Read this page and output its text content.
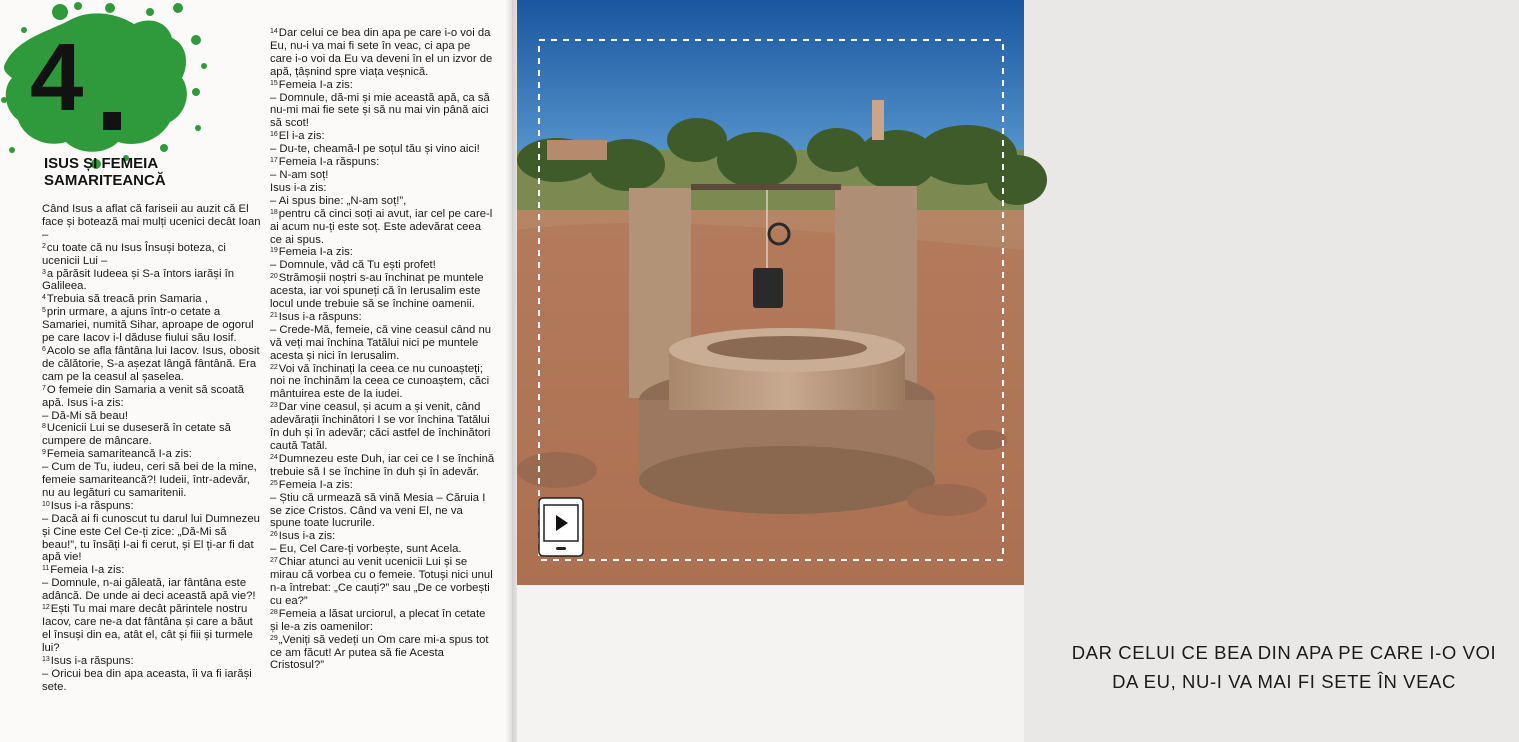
4
ISUS ȘI FEMEIA
SAMARITEANCĂ

Când Isus a aflat că fariseii au auzit că El face și botează mai mulți ucenici decât Ioan –

$^2$cu toate că nu Isus Însuși boteza, ci ucenicii Lui –

$^3$a părăsit Iudeea și S-a întors iarăși în Galileea.

$^4$Trebuia să treacă prin Samaria ,

$^5$prin urmare, a ajuns într-o cetate a Samariei, numită Sihar, aproape de ogorul pe care Iacov i-l dăduse fiului său Iosif.

$^6$Acolo se afla fântâna lui Iacov. Isus, obosit de călătorie, S-a așezat lângă fântână. Era cam pe la ceasul al șaselea.

$^7$O femeie din Samaria a venit să scoată apă. Isus i-a zis:

– Dă-Mi să beau!

$^8$Ucenicii Lui se duseseră în cetate să cumpere de mâncare.

$^9$Femeia samariteancă I-a zis:

– Cum de Tu, iudeu, ceri să bei de la mine, femeie samariteancă?! Iudeii, într-adevăr, nu au legături cu samaritenii.

$^{10}$Isus i-a răspuns:

– Dacă ai fi cunoscut tu darul lui Dumnezeu și Cine este Cel Ce-ți zice: „Dă-Mi să beau!”, tu însăți I-ai fi cerut, și El ți-ar fi dat apă vie!

$^{11}$Femeia I-a zis:

– Domnule, n-ai găleată, iar fântâna este adâncă. De unde ai deci această apă vie?!

$^{12}$Ești Tu mai mare decât părintele nostru Iacov, care ne-a dat fântâna și care a băut el însuși din ea, atât el, cât și fiii și turmele lui?

$^{13}$Isus i-a răspuns:

– Oricui bea din apa aceasta, îi va fi iarăși sete.

$^{14}$Dar celui ce bea din apa pe care i-o voi da Eu, nu-i va mai fi sete în veac, ci apa pe care i-o voi da Eu va deveni în el un izvor de apă, țâșnind spre viața veșnică.

$^{15}$Femeia I-a zis:

– Domnule, dă-mi și mie această apă, ca să nu-mi mai fie sete și să nu mai vin până aici să scot!

$^{16}$El i-a zis:

– Du-te, cheamă-l pe soțul tău și vino aici!

$^{17}$Femeia I-a răspuns:

– N-am soț!

Isus i-a zis:

– Ai spus bine: „N-am soț!”,

$^{18}$pentru că cinci soți ai avut, iar cel pe care-l ai acum nu-ți este soț. Este adevărat ceea ce ai spus.

$^{19}$Femeia I-a zis:

– Domnule, văd că Tu ești profet!

$^{20}$Strămoșii noștri s-au închinat pe muntele acesta, iar voi spuneți că în Ierusalim este locul unde trebuie să se închine oamenii.

$^{21}$Isus i-a răspuns:

– Crede-Mă, femeie, că vine ceasul când nu vă veți mai închina Tatălui nici pe muntele acesta și nici în Ierusalim.

$^{22}$Voi vă închinați la ceea ce nu cunoașteți; noi ne închinăm la ceea ce cunoaștem, căci mântuirea este de la iudei.

$^{23}$Dar vine ceasul, și acum a și venit, când adevărații închinători I se vor închina Tatălui în duh și în adevăr; căci astfel de închinători caută Tatăl.

$^{24}$Dumnezeu este Duh, iar cei ce I se închină trebuie să I se închine în duh și în adevăr.

$^{25}$Femeia I-a zis:

– Știu că urmează să vină Mesia – Căruia I se zice Cristos. Când va veni El, ne va spune toate lucrurile.

$^{26}$Isus i-a zis:

– Eu, Cel Care-ți vorbește, sunt Acela.

$^{27}$Chiar atunci au venit ucenicii Lui și se mirau că vorbea cu o femeie. Totuși nici unul n-a întrebat: „Ce cauți?” sau „De ce vorbești cu ea?”

$^{28}$Femeia a lăsat urciorul, a plecat în cetate și le-a zis oamenilor:

$^{29}$„Veniți să vedeți un Om care mi-a spus tot ce am făcut! Ar putea să fie Acesta Cristosul?”

DAR CELUI CE BEA DIN APA PE CARE I-O VOI
DA EU, NU-I VA MAI FI SETE ÎN VEAC
